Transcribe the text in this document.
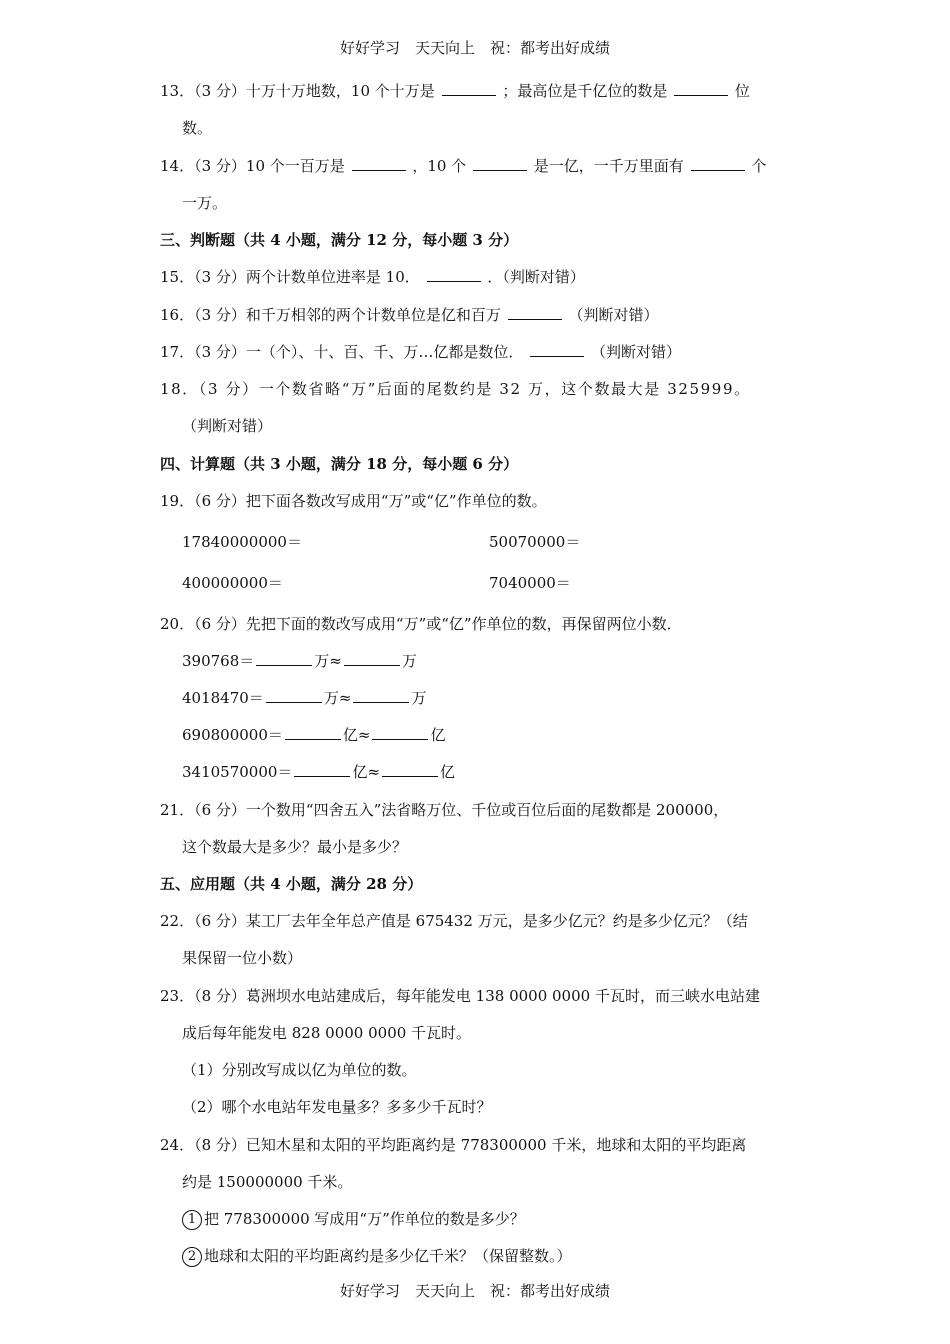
好好学习　天天向上　祝：都考出好成绩
13．（3 分）十万十万地数，10 个十万是	；最高位是千亿位的数是	位
数。
14．（3 分）10 个一百万是	，10 个	是一亿，一千万里面有	个
一万。
三、判断题（共 4 小题，满分 12 分，每小题 3 分）
15．（3 分）两个计数单位进率是 10．	．（判断对错）
16．（3 分）和千万相邻的两个计数单位是亿和百万	（判断对错）
17．（3 分）一（个）、十、百、千、万…亿都是数位．	（判断对错）
18．（3 分）一个数省略“万”后面的尾数约是 32 万，这个数最大是 325999。
（判断对错）
四、计算题（共 3 小题，满分 18 分，每小题 6 分）
19．（6 分）把下面各数改写成用“万”或“亿”作单位的数。
17840000000＝	50070000＝
400000000＝	7040000＝
20．（6 分）先把下面的数改写成用“万”或“亿”作单位的数，再保留两位小数．
390768＝	万≈	万
4018470＝	万≈	万
690800000＝	亿≈	亿
3410570000＝	亿≈	亿
21．（6 分）一个数用“四舍五入”法省略万位、千位或百位后面的尾数都是 200000，
这个数最大是多少？最小是多少？
五、应用题（共 4 小题，满分 28 分）
22．（6 分）某工厂去年全年总产值是 675432 万元，是多少亿元？约是多少亿元？（结
果保留一位小数）
23．（8 分）葛洲坝水电站建成后，每年能发电 138 0000 0000 千瓦时，而三峡水电站建
成后每年能发电 828 0000 0000 千瓦时。
（1）分别改写成以亿为单位的数。
（2）哪个水电站年发电量多？多多少千瓦时？
24．（8 分）已知木星和太阳的平均距离约是 778300000 千米，地球和太阳的平均距离
约是 150000000 千米。
1 把 778300000 写成用“万”作单位的数是多少？
2 地球和太阳的平均距离约是多少亿千米？（保留整数。）
好好学习　天天向上　祝：都考出好成绩
